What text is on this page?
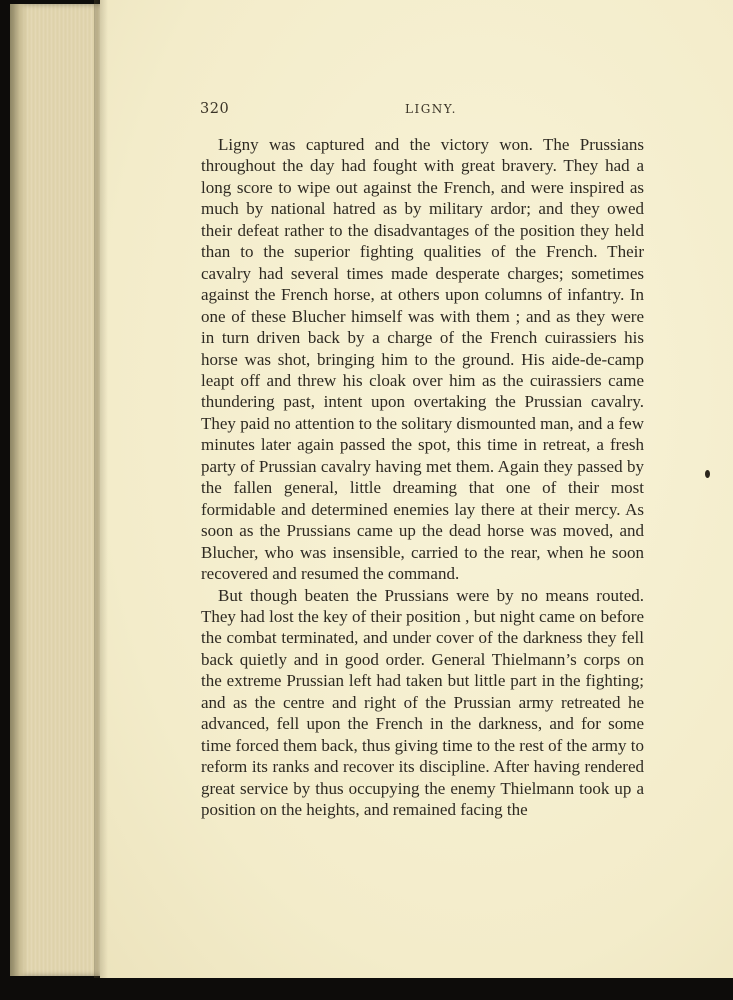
320	LIGNY.

Ligny was captured and the victory won. The Prussians throughout the day had fought with great bravery. They had a long score to wipe out against the French, and were inspired as much by national hatred as by military ardor; and they owed their defeat rather to the disadvantages of the position they held than to the superior fighting qualities of the French. Their cavalry had several times made desperate charges; sometimes against the French horse, at others upon columns of infantry. In one of these Blucher himself was with them ; and as they were in turn driven back by a charge of the French cuirassiers his horse was shot, bringing him to the ground. His aide-de-camp leapt off and threw his cloak over him as the cuirassiers came thundering past, intent upon overtaking the Prussian cavalry. They paid no attention to the solitary dismounted man, and a few minutes later again passed the spot, this time in retreat, a fresh party of Prussian cavalry having met them. Again they passed by the fallen general, little dreaming that one of their most formidable and determined enemies lay there at their mercy. As soon as the Prussians came up the dead horse was moved, and Blucher, who was insensible, carried to the rear, when he soon recovered and resumed the command.

But though beaten the Prussians were by no means routed. They had lost the key of their position , but night came on before the combat terminated, and under cover of the darkness they fell back quietly and in good order. General Thielmann’s corps on the extreme Prussian left had taken but little part in the fighting; and as the centre and right of the Prussian army retreated he advanced, fell upon the French in the darkness, and for some time forced them back, thus giving time to the rest of the army to reform its ranks and recover its discipline. After having rendered great service by thus occupying the enemy Thielmann took up a position on the heights, and remained facing the
